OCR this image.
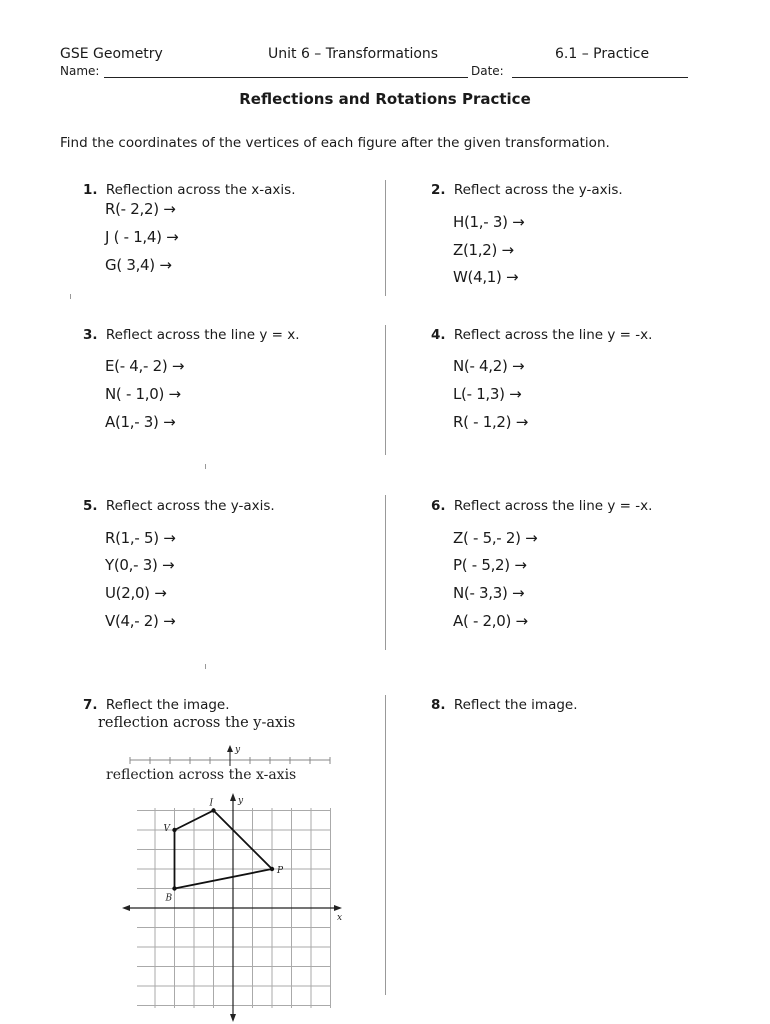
GSE Geometry	Unit 6 – Transformations	6.1 – Practice
Name:	Date:
Reflections and Rotations Practice
Find the coordinates of the vertices of each figure after the given transformation.
1. Reflection across the x-axis.
R(- 2,2) →
J ( - 1,4) →
G( 3,4) →
2. Reflect across the y-axis.
H(1,- 3) →
Z(1,2) →
W(4,1) →
3. Reflect across the line y = x.
E(- 4,- 2) →
N( - 1,0) →
A(1,- 3) →
4. Reflect across the line y = -x.
N(- 4,2) →
L(- 1,3) →
R( - 1,2) →
5. Reflect across the y-axis.
R(1,- 5) →
Y(0,- 3) →
U(2,0) →
V(4,- 2) →
6. Reflect across the line y = -x.
Z( - 5,- 2) →
P( - 5,2) →
N(- 3,3) →
A( - 2,0) →
7. Reflect the image.
reflection across the y-axis
8. Reflect the image.
y
reflection across the x-axis
x
y
I
P
B
V
